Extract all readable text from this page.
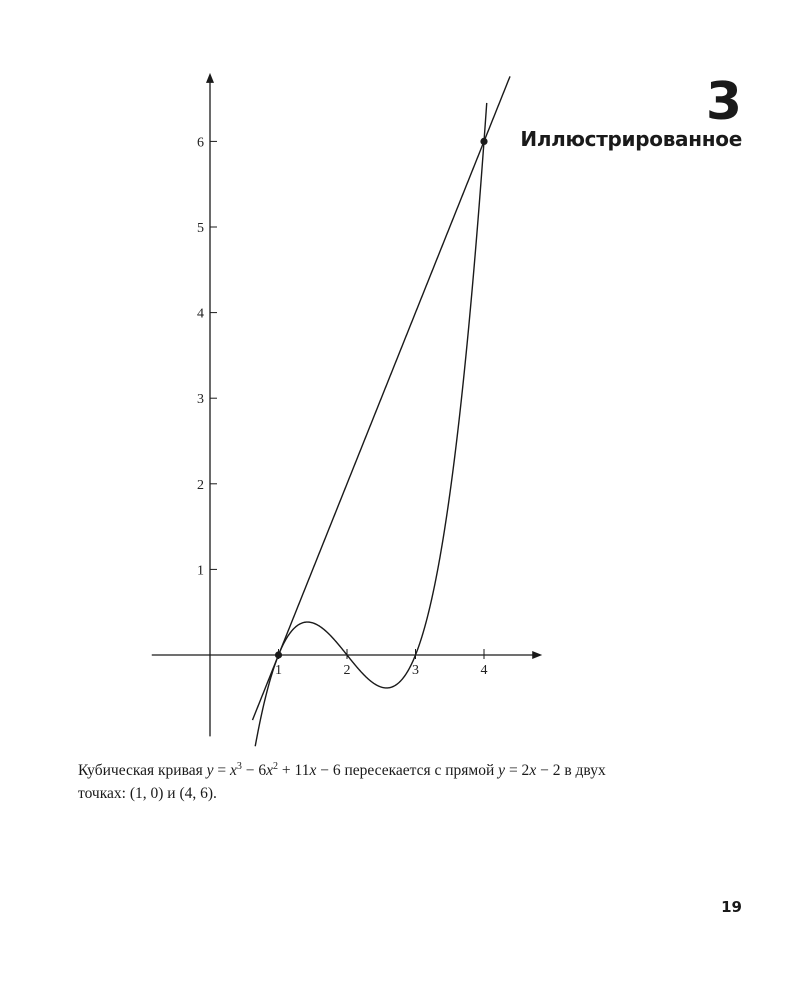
3
Иллюстрированное
1	2	3	4
1
2
3
4
5
6
Кубическая кривая $y = x^3 - 6x^2 + 11x - 6$ пересекается с прямой y = 2x − 2 в двух точках: (1, 0) и (4, 6).
19
